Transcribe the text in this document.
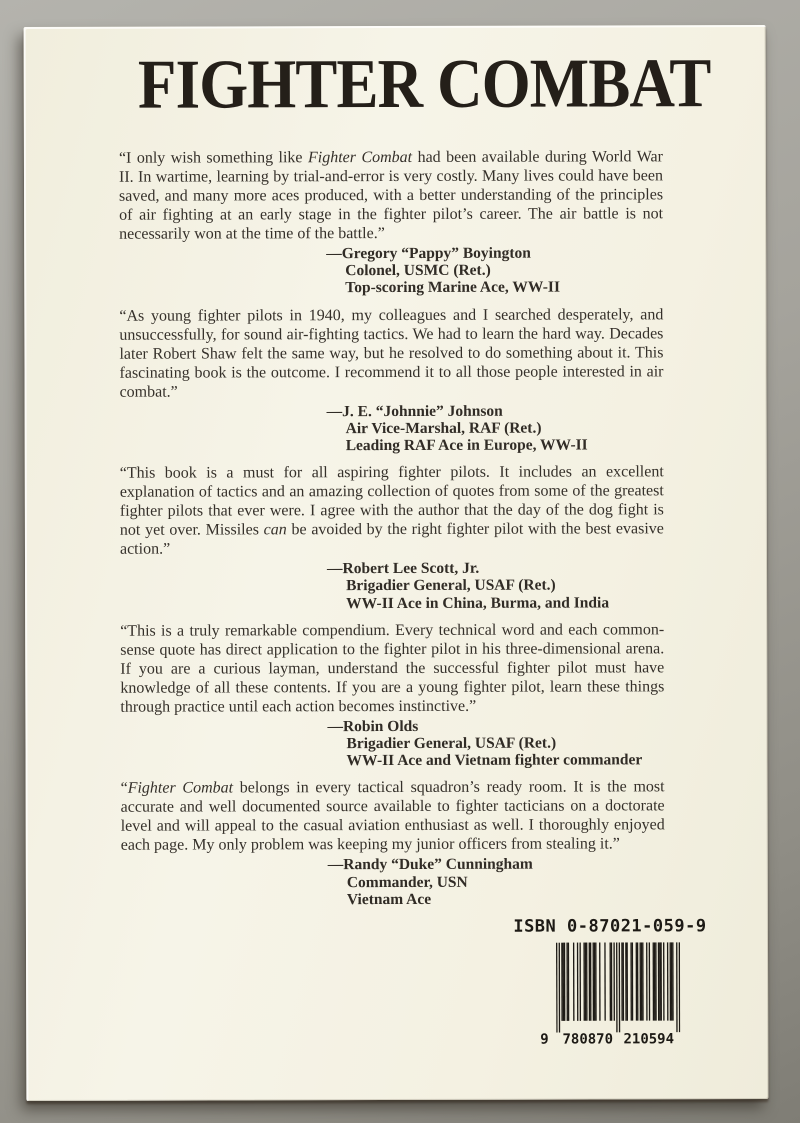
FIGHTER COMBAT

“I only wish something like Fighter Combat had been available during World War II. In wartime, learning by trial-and-error is very costly. Many lives could have been saved, and many more aces produced, with a better understanding of the principles of air fighting at an early stage in the fighter pilot’s career. The air battle is not necessarily won at the time of the battle.”

—Gregory “Pappy” Boyington
Colonel, USMC (Ret.)
Top-scoring Marine Ace, WW-II

“As young fighter pilots in 1940, my colleagues and I searched desperately, and unsuccessfully, for sound air-fighting tactics. We had to learn the hard way. Decades later Robert Shaw felt the same way, but he resolved to do something about it. This fascinating book is the outcome. I recommend it to all those people interested in air combat.”

—J. E. “Johnnie” Johnson
Air Vice-Marshal, RAF (Ret.)
Leading RAF Ace in Europe, WW-II

“This book is a must for all aspiring fighter pilots. It includes an excellent explanation of tactics and an amazing collection of quotes from some of the greatest fighter pilots that ever were. I agree with the author that the day of the dog fight is not yet over. Missiles can be avoided by the right fighter pilot with the best evasive action.”

—Robert Lee Scott, Jr.
Brigadier General, USAF (Ret.)
WW-II Ace in China, Burma, and India

“This is a truly remarkable compendium. Every technical word and each common-sense quote has direct application to the fighter pilot in his three-dimensional arena. If you are a curious layman, understand the successful fighter pilot must have knowledge of all these contents. If you are a young fighter pilot, learn these things through practice until each action becomes instinctive.”

—Robin Olds
Brigadier General, USAF (Ret.)
WW-II Ace and Vietnam fighter commander

“Fighter Combat belongs in every tactical squadron’s ready room. It is the most accurate and well documented source available to fighter tacticians on a doctorate level and will appeal to the casual aviation enthusiast as well. I thoroughly enjoyed each page. My only problem was keeping my junior officers from stealing it.”

—Randy “Duke” Cunningham
Commander, USN
Vietnam Ace
ISBN 0-87021-059-9
9 780870 210594
